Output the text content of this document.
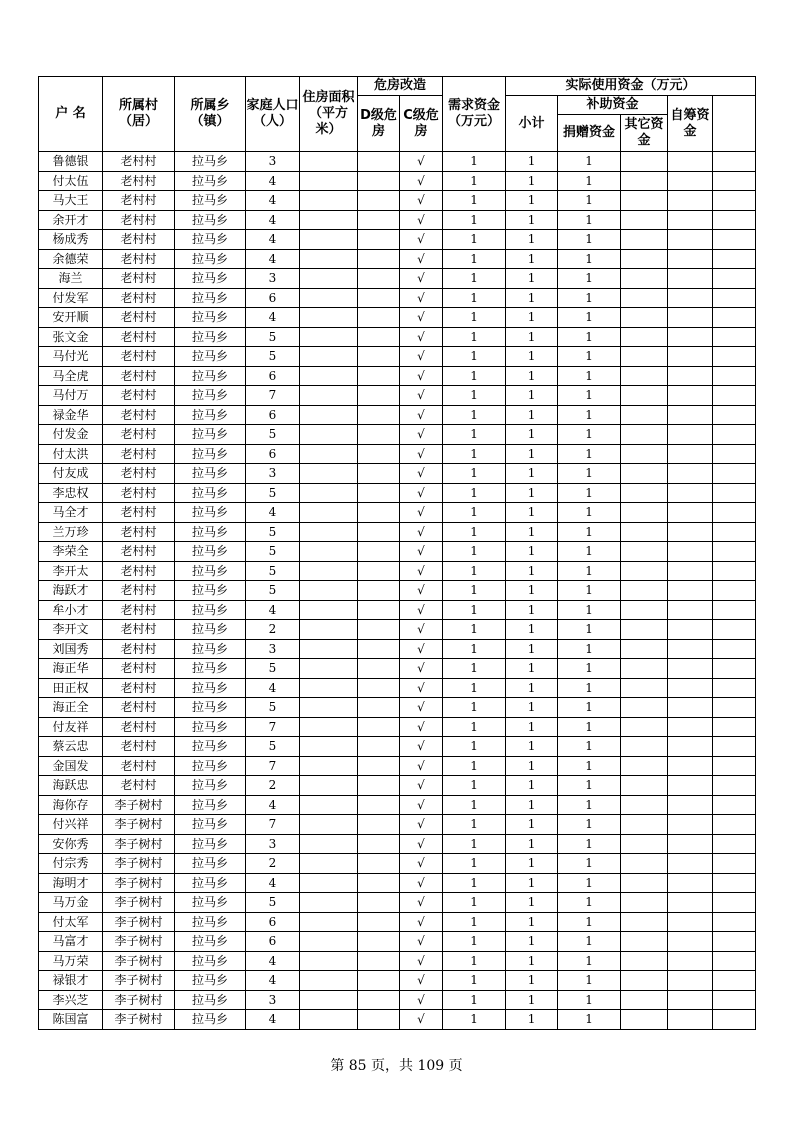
户 名	所属村（居）	所属乡（镇）	家庭人口（人）	住房面积（平方米）	危房改造		需求资金（万元）	实际使用资金（万元）	
					D级危房	C级危房		小计	补助资金		自筹资金		
									捐赠资金	其它资金			
鲁德银	老村村	拉马乡	3			√	1	1	1				
付太伍	老村村	拉马乡	4			√	1	1	1				
马大王	老村村	拉马乡	4			√	1	1	1				
余开才	老村村	拉马乡	4			√	1	1	1				
杨成秀	老村村	拉马乡	4			√	1	1	1				
余德荣	老村村	拉马乡	4			√	1	1	1				
海兰	老村村	拉马乡	3			√	1	1	1				
付发军	老村村	拉马乡	6			√	1	1	1				
安开顺	老村村	拉马乡	4			√	1	1	1				
张文金	老村村	拉马乡	5			√	1	1	1				
马付光	老村村	拉马乡	5			√	1	1	1				
马全虎	老村村	拉马乡	6			√	1	1	1				
马付万	老村村	拉马乡	7			√	1	1	1				
禄金华	老村村	拉马乡	6			√	1	1	1				
付发金	老村村	拉马乡	5			√	1	1	1				
付太洪	老村村	拉马乡	6			√	1	1	1				
付友成	老村村	拉马乡	3			√	1	1	1				
李忠权	老村村	拉马乡	5			√	1	1	1				
马全才	老村村	拉马乡	4			√	1	1	1				
兰万珍	老村村	拉马乡	5			√	1	1	1				
李荣全	老村村	拉马乡	5			√	1	1	1				
李开太	老村村	拉马乡	5			√	1	1	1				
海跃才	老村村	拉马乡	5			√	1	1	1				
牟小才	老村村	拉马乡	4			√	1	1	1				
李开文	老村村	拉马乡	2			√	1	1	1				
刘国秀	老村村	拉马乡	3			√	1	1	1				
海正华	老村村	拉马乡	5			√	1	1	1				
田正权	老村村	拉马乡	4			√	1	1	1				
海正全	老村村	拉马乡	5			√	1	1	1				
付友祥	老村村	拉马乡	7			√	1	1	1				
蔡云忠	老村村	拉马乡	5			√	1	1	1				
金国发	老村村	拉马乡	7			√	1	1	1				
海跃忠	老村村	拉马乡	2			√	1	1	1				
海你存	李子树村	拉马乡	4			√	1	1	1				
付兴祥	李子树村	拉马乡	7			√	1	1	1				
安你秀	李子树村	拉马乡	3			√	1	1	1				
付宗秀	李子树村	拉马乡	2			√	1	1	1				
海明才	李子树村	拉马乡	4			√	1	1	1				
马万金	李子树村	拉马乡	5			√	1	1	1				
付太军	李子树村	拉马乡	6			√	1	1	1				
马富才	李子树村	拉马乡	6			√	1	1	1				
马万荣	李子树村	拉马乡	4			√	1	1	1				
禄银才	李子树村	拉马乡	4			√	1	1	1				
李兴芝	李子树村	拉马乡	3			√	1	1	1				
陈国富	李子树村	拉马乡	4			√	1	1	1				
第 85 页，共 109 页
